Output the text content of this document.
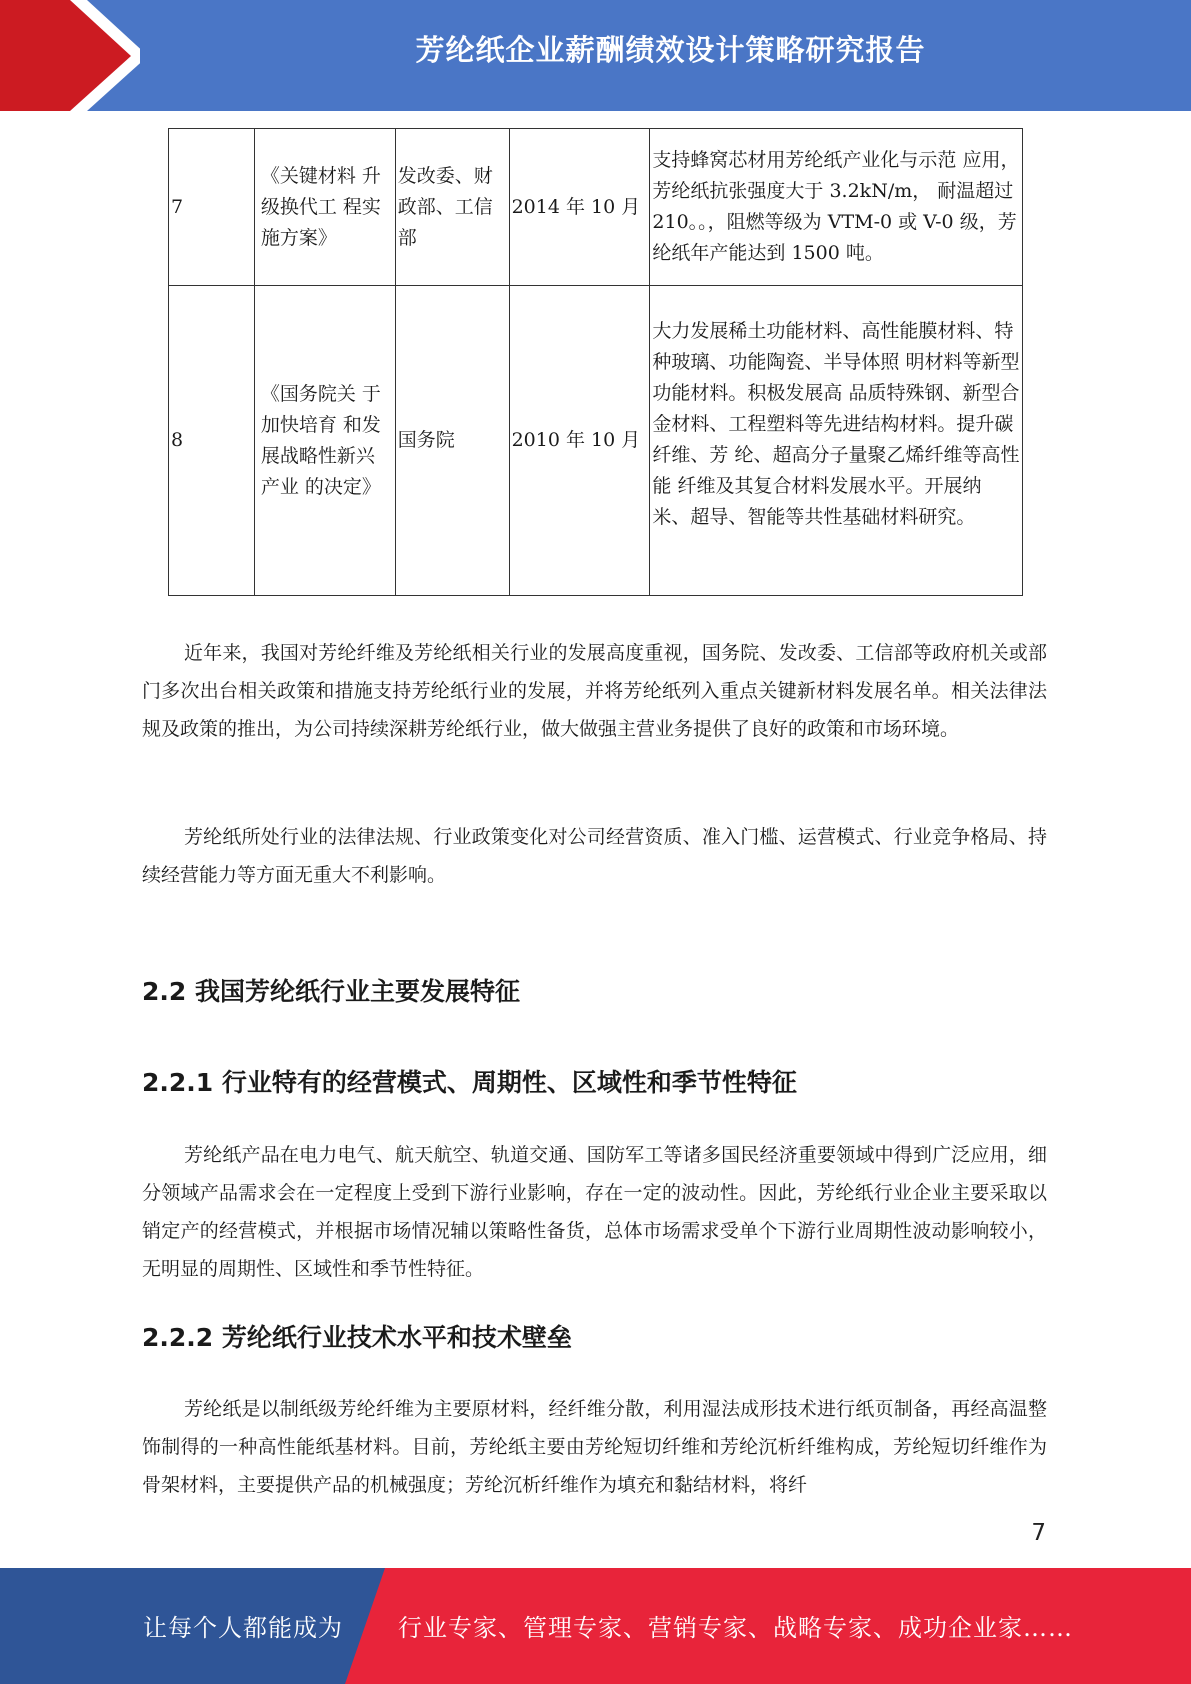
芳纶纸企业薪酬绩效设计策略研究报告
7	《关键材料 升级换代工 程实施方案》	发改委、财政部、工信部	2014 年 10 月	支持蜂窝芯材用芳纶纸产业化与示范 应用，芳纶纸抗张强度大于 3.2kN/m， 耐温超过 210。。，阻燃等级为 VTM-0 或 V-0 级，芳纶纸年产能达到 1500 吨。
8	《国务院关 于加快培育 和发展战略性新兴产业 的决定》	国务院	2010 年 10 月	大力发展稀土功能材料、高性能膜材料、特种玻璃、功能陶瓷、半导体照 明材料等新型功能材料。积极发展高 品质特殊钢、新型合金材料、工程塑料等先进结构材料。提升碳纤维、芳 纶、超高分子量聚乙烯纤维等高性能 纤维及其复合材料发展水平。开展纳 米、超导、智能等共性基础材料研究。

近年来，我国对芳纶纤维及芳纶纸相关行业的发展高度重视，国务院、发改委、工信部等政府机关或部门多次出台相关政策和措施支持芳纶纸行业的发展，并将芳纶纸列入重点关键新材料发展名单。相关法律法规及政策的推出，为公司持续深耕芳纶纸行业，做大做强主营业务提供了良好的政策和市场环境。

芳纶纸所处行业的法律法规、行业政策变化对公司经营资质、准入门槛、运营模式、行业竞争格局、持续经营能力等方面无重大不利影响。

2.2 我国芳纶纸行业主要发展特征
2.2.1 行业特有的经营模式、周期性、区域性和季节性特征

芳纶纸产品在电力电气、航天航空、轨道交通、国防军工等诸多国民经济重要领域中得到广泛应用，细分领域产品需求会在一定程度上受到下游行业影响，存在一定的波动性。因此，芳纶纸行业企业主要采取以销定产的经营模式，并根据市场情况辅以策略性备货，总体市场需求受单个下游行业周期性波动影响较小，无明显的周期性、区域性和季节性特征。

2.2.2 芳纶纸行业技术水平和技术壁垒

芳纶纸是以制纸级芳纶纤维为主要原材料，经纤维分散，利用湿法成形技术进行纸页制备，再经高温整饰制得的一种高性能纸基材料。目前，芳纶纸主要由芳纶短切纤维和芳纶沉析纤维构成，芳纶短切纤维作为骨架材料，主要提供产品的机械强度；芳纶沉析纤维作为填充和黏结材料，将纤

7
让每个人都能成为 行业专家、管理专家、营销专家、战略专家、成功企业家……
